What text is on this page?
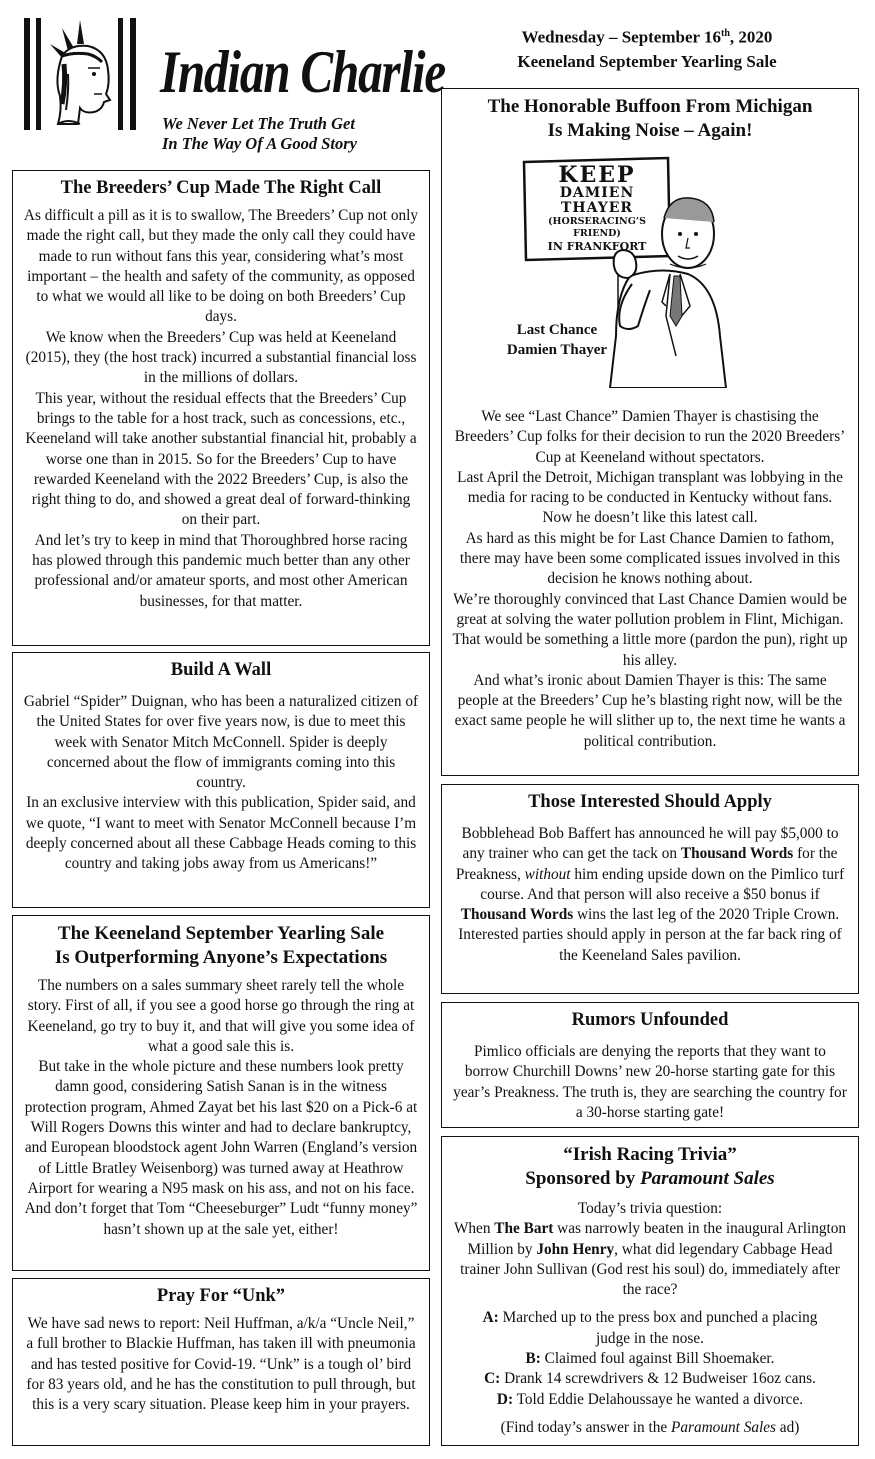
Indian Charlie
We Never Let The Truth Get
In The Way Of A Good Story
Wednesday – September 16th, 2020
Keeneland September Yearling Sale
The Breeders’ Cup Made The Right Call

As difficult a pill as it is to swallow, The Breeders’ Cup not only made the right call, but they made the only call they could have made to run without fans this year, considering what’s most important – the health and safety of the community, as opposed to what we would all like to be doing on both Breeders’ Cup days.

We know when the Breeders’ Cup was held at Keeneland (2015), they (the host track) incurred a substantial financial loss in the millions of dollars.

This year, without the residual effects that the Breeders’ Cup brings to the table for a host track, such as concessions, etc., Keeneland will take another substantial financial hit, probably a worse one than in 2015. So for the Breeders’ Cup to have rewarded Keeneland with the 2022 Breeders’ Cup, is also the right thing to do, and showed a great deal of forward-thinking on their part.

And let’s try to keep in mind that Thoroughbred horse racing has plowed through this pandemic much better than any other professional and/or amateur sports, and most other American businesses, for that matter.

Build A Wall

Gabriel “Spider” Duignan, who has been a naturalized citizen of the United States for over five years now, is due to meet this week with Senator Mitch McConnell. Spider is deeply concerned about the flow of immigrants coming into this country.

In an exclusive interview with this publication, Spider said, and we quote, “I want to meet with Senator McConnell because I’m deeply concerned about all these Cabbage Heads coming to this country and taking jobs away from us Americans!”

The Keeneland September Yearling Sale
Is Outperforming Anyone’s Expectations

The numbers on a sales summary sheet rarely tell the whole story. First of all, if you see a good horse go through the ring at Keeneland, go try to buy it, and that will give you some idea of what a good sale this is.

But take in the whole picture and these numbers look pretty damn good, considering Satish Sanan is in the witness protection program, Ahmed Zayat bet his last $20 on a Pick-6 at Will Rogers Downs this winter and had to declare bankruptcy, and European bloodstock agent John Warren (England’s version of Little Bratley Weisenborg) was turned away at Heathrow Airport for wearing a N95 mask on his ass, and not on his face.

And don’t forget that Tom “Cheeseburger” Ludt “funny money” hasn’t shown up at the sale yet, either!

Pray For “Unk”

We have sad news to report: Neil Huffman, a/k/a “Uncle Neil,” a full brother to Blackie Huffman, has taken ill with pneumonia and has tested positive for Covid-19. “Unk” is a tough ol’ bird for 83 years old, and he has the constitution to pull through, but this is a very scary situation. Please keep him in your prayers.

The Honorable Buffoon From Michigan
Is Making Noise – Again!

We see “Last Chance” Damien Thayer is chastising the Breeders’ Cup folks for their decision to run the 2020 Breeders’ Cup at Keeneland without spectators.

Last April the Detroit, Michigan transplant was lobbying in the media for racing to be conducted in Kentucky without fans.

Now he doesn’t like this latest call.

As hard as this might be for Last Chance Damien to fathom, there may have been some complicated issues involved in this decision he knows nothing about.

We’re thoroughly convinced that Last Chance Damien would be great at solving the water pollution problem in Flint, Michigan. That would be something a little more (pardon the pun), right up his alley.

And what’s ironic about Damien Thayer is this: The same people at the Breeders’ Cup he’s blasting right now, will be the exact same people he will slither up to, the next time he wants a political contribution.

KEEP
DAMIEN
THAYER
(HORSERACING’S
FRIEND)
IN FRANKFORT
Last Chance
Damien Thayer
Those Interested Should Apply

Bobblehead Bob Baffert has announced he will pay $5,000 to any trainer who can get the tack on Thousand Words for the Preakness, without him ending upside down on the Pimlico turf course. And that person will also receive a $50 bonus if Thousand Words wins the last leg of the 2020 Triple Crown. Interested parties should apply in person at the far back ring of the Keeneland Sales pavilion.

Rumors Unfounded

Pimlico officials are denying the reports that they want to borrow Churchill Downs’ new 20-horse starting gate for this year’s Preakness. The truth is, they are searching the country for a 30-horse starting gate!

“Irish Racing Trivia”
Sponsored by Paramount Sales

Today’s trivia question:

When The Bart was narrowly beaten in the inaugural Arlington Million by John Henry, what did legendary Cabbage Head trainer John Sullivan (God rest his soul) do, immediately after the race?

A: Marched up to the press box and punched a placing judge in the nose.

B: Claimed foul against Bill Shoemaker.

C: Drank 14 screwdrivers & 12 Budweiser 16oz cans.

D: Told Eddie Delahoussaye he wanted a divorce.

(Find today’s answer in the Paramount Sales ad)
